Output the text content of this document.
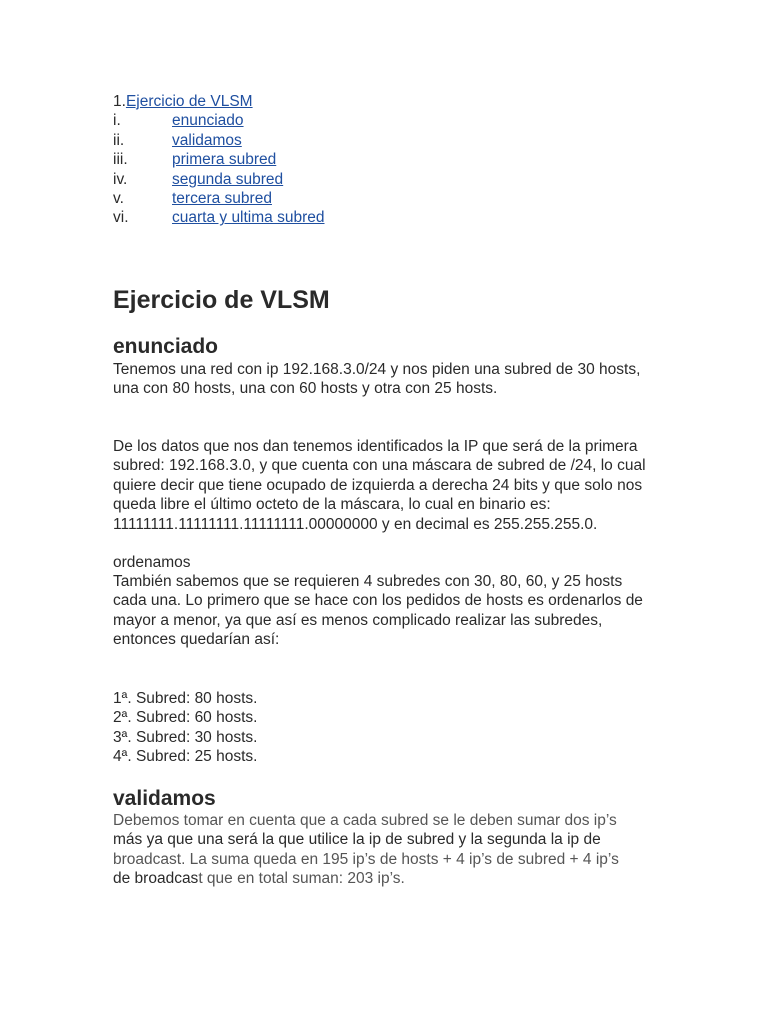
1.Ejercicio de VLSM
i.	enunciado
ii.	validamos
iii.	primera subred
iv.	segunda subred
v.	tercera subred
vi.	cuarta y ultima subred
Ejercicio de VLSM
enunciado
Tenemos una red con ip 192.168.3.0/24 y nos piden una subred de 30 hosts, una con 80 hosts, una con 60 hosts y otra con 25 hosts.
De los datos que nos dan tenemos identificados la IP que será de la primera subred: 192.168.3.0, y que cuenta con una máscara de subred de /24, lo cual quiere decir que tiene ocupado de izquierda a derecha 24 bits y que solo nos queda libre el último octeto de la máscara, lo cual en binario es: 11111111.11111111.11111111.00000000 y en decimal es 255.255.255.0.
ordenamos
También sabemos que se requieren 4 subredes con 30, 80, 60, y 25 hosts cada una. Lo primero que se hace con los pedidos de hosts es ordenarlos de mayor a menor, ya que así es menos complicado realizar las subredes, entonces quedarían así:
1ª. Subred: 80 hosts.
2ª. Subred: 60 hosts.
3ª. Subred: 30 hosts.
4ª. Subred: 25 hosts.
validamos
Debemos tomar en cuenta que a cada subred se le deben sumar dos ip’s
más ya que una será la que utilice la ip de subred y la segunda la ip de
broadcast. La suma queda en 195 ip’s de hosts + 4 ip’s de subred + 4 ip’s
de broadcast que en total suman: 203 ip’s.
